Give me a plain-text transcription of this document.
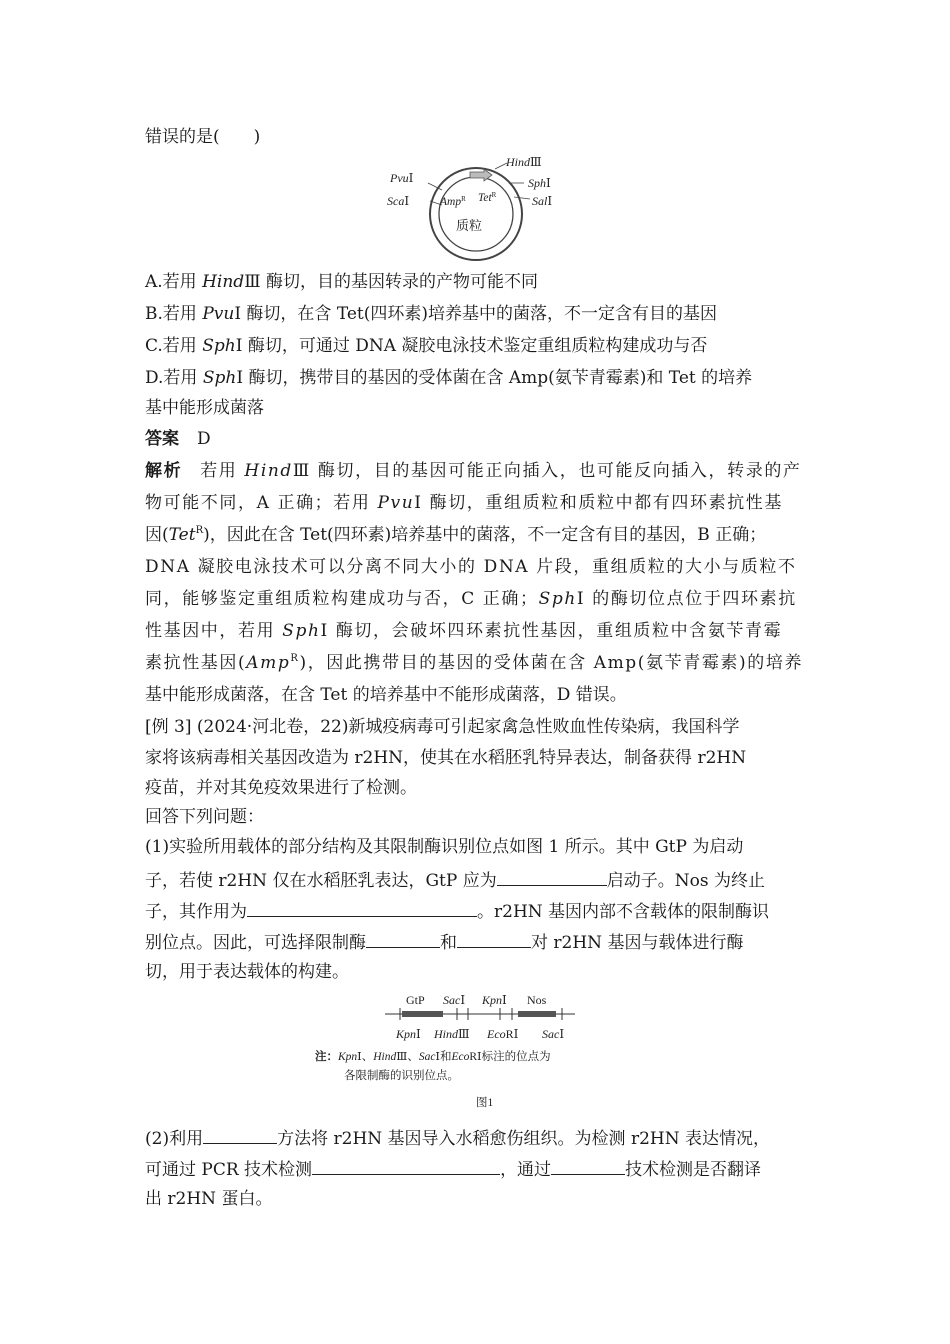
错误的是(　　)
Amp$^R$ Tet$^R$
质粒
PvuⅠ
ScaⅠ
HindⅢ
SphⅠ
SalⅠ
A.若用 HindⅢ 酶切，目的基因转录的产物可能不同
B.若用 PvuⅠ 酶切，在含 Tet(四环素)培养基中的菌落，不一定含有目的基因
C.若用 SphⅠ 酶切，可通过 DNA 凝胶电泳技术鉴定重组质粒构建成功与否
D.若用 SphⅠ 酶切，携带目的基因的受体菌在含 Amp(氨苄青霉素)和 Tet 的培养
基中能形成菌落
答案 D
解析 若用 HindⅢ 酶切，目的基因可能正向插入，也可能反向插入，转录的产
物可能不同，A 正确；若用 PvuⅠ 酶切，重组质粒和质粒中都有四环素抗性基
因(Tet$^R$)，因此在含 Tet(四环素)培养基中的菌落，不一定含有目的基因，B 正确；
DNA 凝胶电泳技术可以分离不同大小的 DNA 片段，重组质粒的大小与质粒不
同，能够鉴定重组质粒构建成功与否，C 正确；SphⅠ 的酶切位点位于四环素抗
性基因中，若用 SphⅠ 酶切，会破坏四环素抗性基因，重组质粒中含氨苄青霉
素抗性基因(Amp$^R$)，因此携带目的基因的受体菌在含 Amp(氨苄青霉素)的培养
基中能形成菌落，在含 Tet 的培养基中不能形成菌落，D 错误。
[例 3] (2024·河北卷，22)新城疫病毒可引起家禽急性败血性传染病，我国科学
家将该病毒相关基因改造为 r2HN，使其在水稻胚乳特异表达，制备获得 r2HN
疫苗，并对其免疫效果进行了检测。
回答下列问题：
(1)实验所用载体的部分结构及其限制酶识别位点如图 1 所示。其中 GtP 为启动
子，若使 r2HN 仅在水稻胚乳表达，GtP 应为	启动子。Nos 为终止
子，其作用为	。r2HN 基因内部不含载体的限制酶识
别位点。因此，可选择限制酶	和	对 r2HN 基因与载体进行酶
切，用于表达载体的构建。
GtP SacⅠ KpnⅠ Nos
KpnⅠ HindⅢ EcoRⅠ SacⅠ
注：KpnⅠ、HindⅢ、SacⅠ和EcoRⅠ标注的位点为
各限制酶的识别位点。
图1
(2)利用	方法将 r2HN 基因导入水稻愈伤组织。为检测 r2HN 表达情况，
可通过 PCR 技术检测	，通过	技术检测是否翻译
出 r2HN 蛋白。
